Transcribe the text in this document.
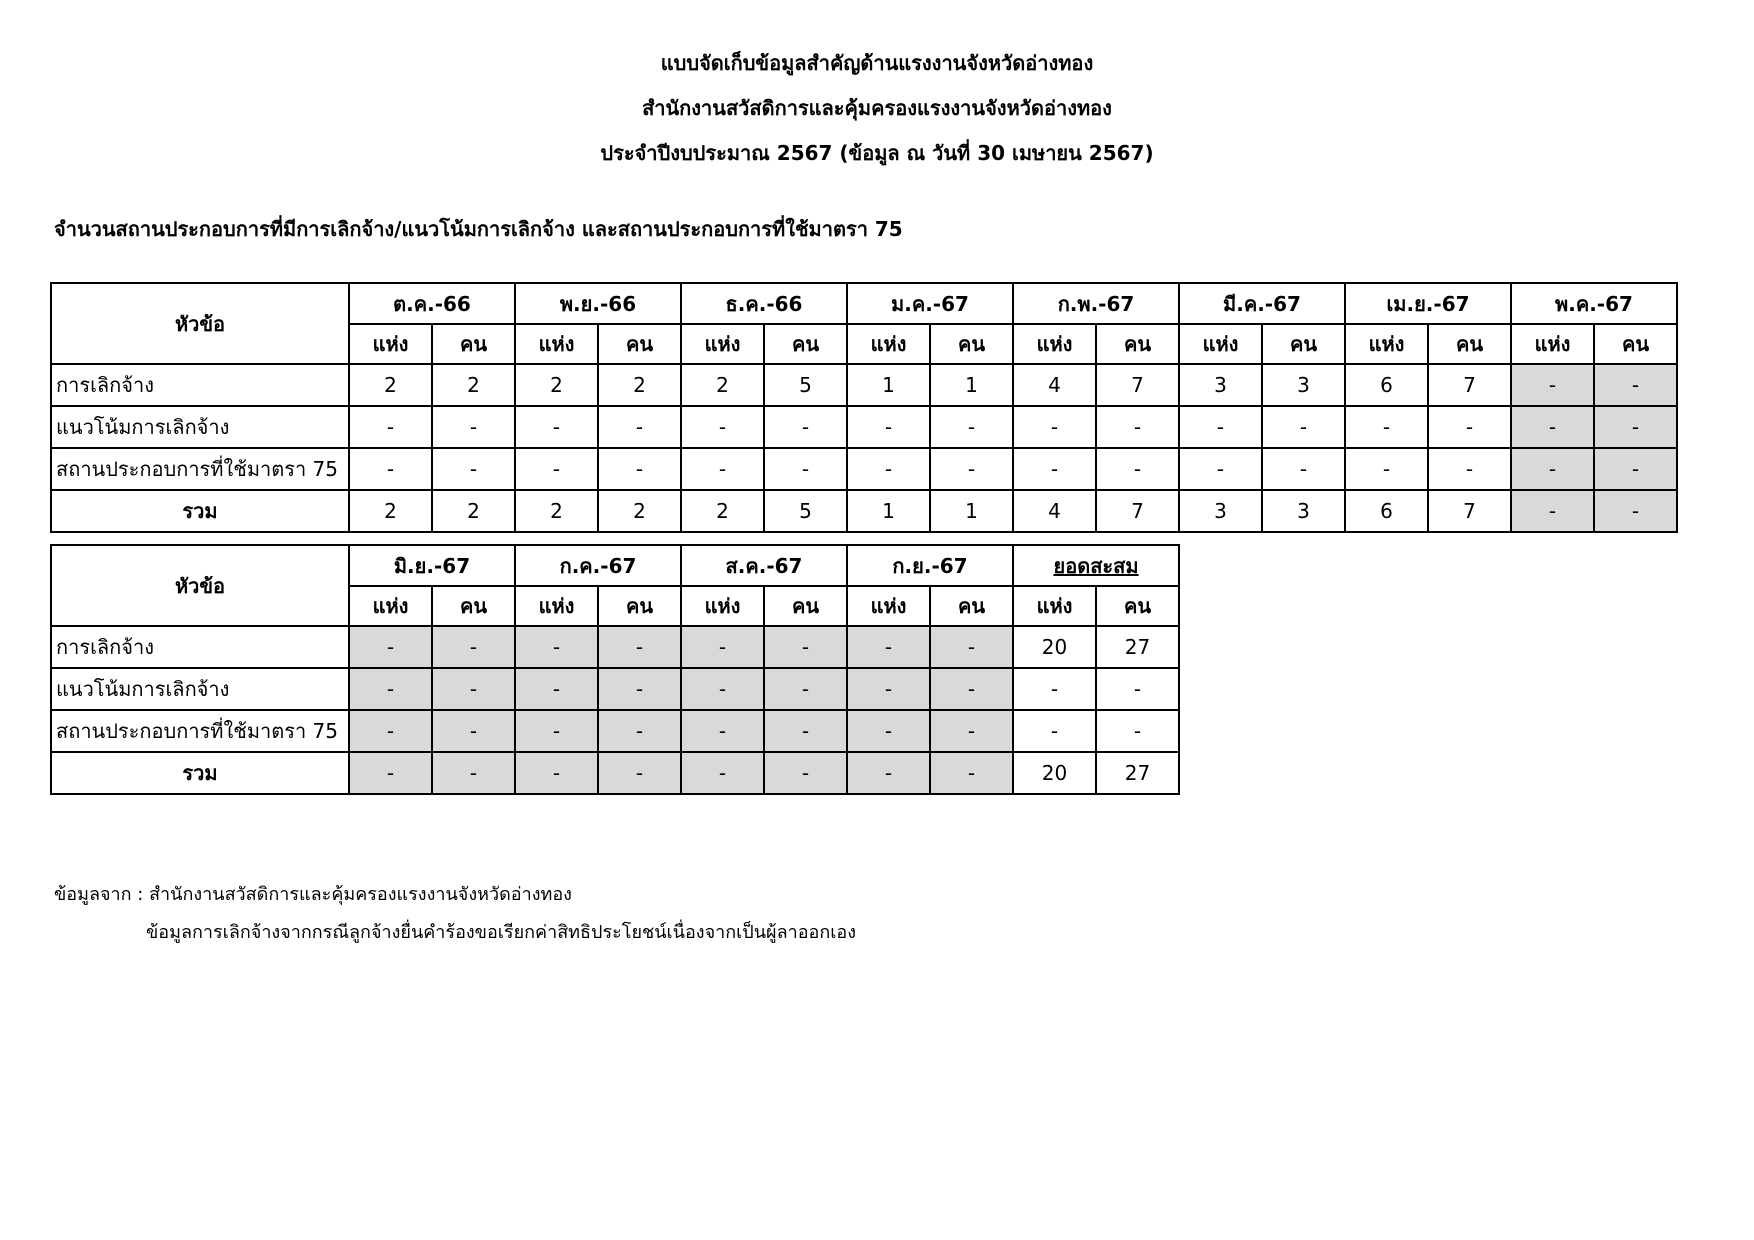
แบบจัดเก็บข้อมูลสำคัญด้านแรงงานจังหวัดอ่างทอง
สำนักงานสวัสดิการและคุ้มครองแรงงานจังหวัดอ่างทอง
ประจำปีงบประมาณ 2567 (ข้อมูล ณ วันที่ 30 เมษายน 2567)
จำนวนสถานประกอบการที่มีการเลิกจ้าง/แนวโน้มการเลิกจ้าง และสถานประกอบการที่ใช้มาตรา 75
หัวข้อ	ต.ค.-66		พ.ย.-66		ธ.ค.-66		ม.ค.-67		ก.พ.-67		มี.ค.-67		เม.ย.-67		พ.ค.-67	
	แห่ง	คน	แห่ง	คน	แห่ง	คน	แห่ง	คน	แห่ง	คน	แห่ง	คน	แห่ง	คน	แห่ง	คน
การเลิกจ้าง	2	2	2	2	2	5	1	1	4	7	3	3	6	7	-	-
แนวโน้มการเลิกจ้าง	-	-	-	-	-	-	-	-	-	-	-	-	-	-	-	-
สถานประกอบการที่ใช้มาตรา 75	-	-	-	-	-	-	-	-	-	-	-	-	-	-	-	-
รวม	2	2	2	2	2	5	1	1	4	7	3	3	6	7	-	-
หัวข้อ	มิ.ย.-67		ก.ค.-67		ส.ค.-67		ก.ย.-67		ยอดสะสม	
	แห่ง	คน	แห่ง	คน	แห่ง	คน	แห่ง	คน	แห่ง	คน
การเลิกจ้าง	-	-	-	-	-	-	-	-	20	27
แนวโน้มการเลิกจ้าง	-	-	-	-	-	-	-	-	-	-
สถานประกอบการที่ใช้มาตรา 75	-	-	-	-	-	-	-	-	-	-
รวม	-	-	-	-	-	-	-	-	20	27
ข้อมูลจาก : สำนักงานสวัสดิการและคุ้มครองแรงงานจังหวัดอ่างทอง
ข้อมูลการเลิกจ้างจากกรณีลูกจ้างยื่นคำร้องขอเรียกค่าสิทธิประโยชน์เนื่องจากเป็นผู้ลาออกเอง
